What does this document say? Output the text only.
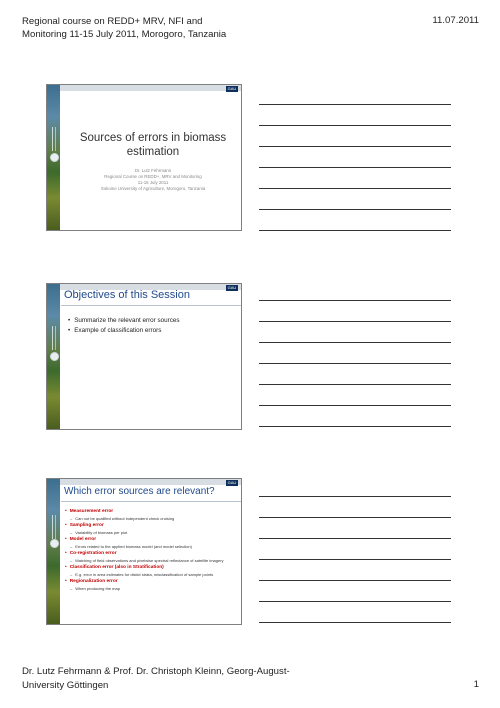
Regional course on REDD+ MRV, NFI and Monitoring 11-15 July 2011, Morogoro, Tanzania
11.07.2011
GAU
Sources of errors in biomass estimation
Dr. Lutz Fehrmann
Regional Course on REDD+, MRV and Monitoring
11-15 July 2011
Sokoine University of Agriculture, Morogoro, Tanzania
GAU
Objectives of this Session
• Summarize the relevant error sources
• Example of classification errors
GAU
Which error sources are relevant?
• Measurement error
– Can not be qualified without independent check cruising
• Sampling error
– Variability of biomass per plot
• Model error
– Errors related to the applied biomass model (and model selection)
• Co-registration error
– Matching of field observations and pixelwise spectral reflectance of satellite imagery
• Classification error (also in Stratification)
– E.g. error in area estimates for distict strata, misclassification of sample points
• Regionalization error
– When producing the map
Dr. Lutz Fehrmann & Prof. Dr. Christoph Kleinn, Georg-August-University Göttingen	1
